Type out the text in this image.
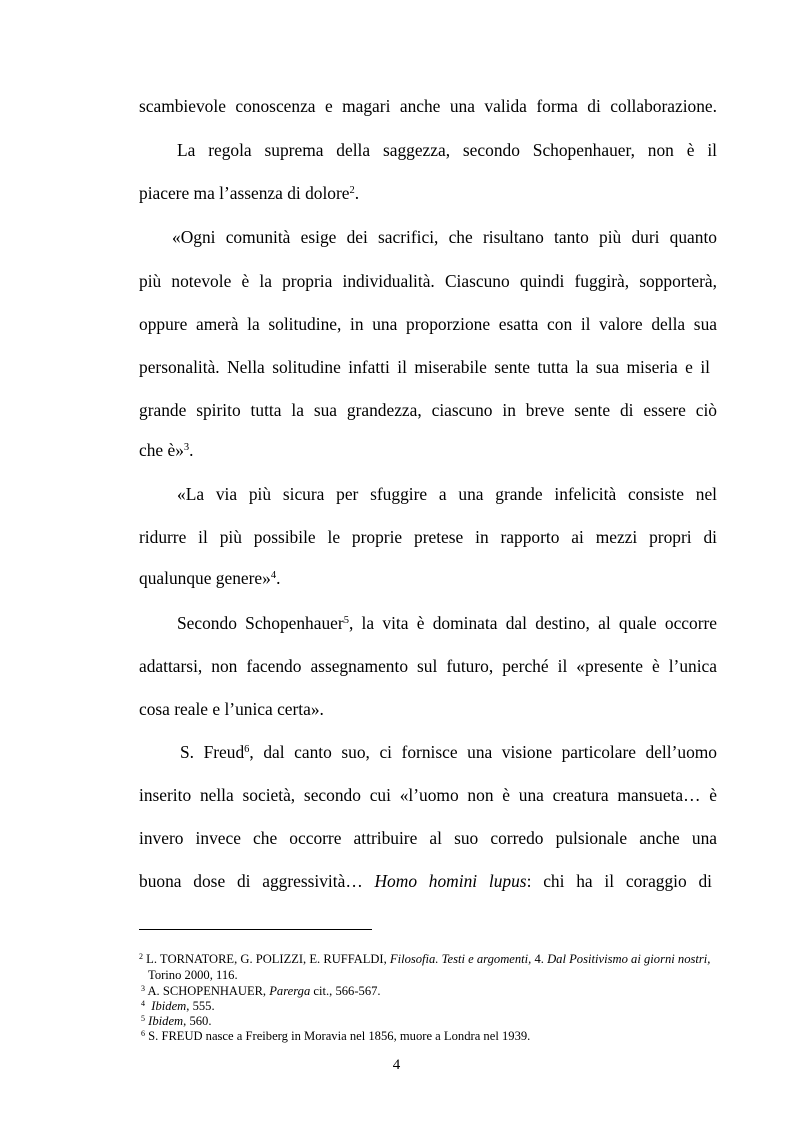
scambievole conoscenza e magari anche una valida forma di collaborazione.
La regola suprema della saggezza, secondo Schopenhauer, non è il
piacere ma l’assenza di dolore$^2$.
«Ogni comunità esige dei sacrifici, che risultano tanto più duri quanto
più notevole è la propria individualità. Ciascuno quindi fuggirà, sopporterà,
oppure amerà la solitudine, in una proporzione esatta con il valore della sua
personalità. Nella solitudine infatti il miserabile sente tutta la sua miseria e il
grande spirito tutta la sua grandezza, ciascuno in breve sente di essere ciò
che è»$^3$.
«La via più sicura per sfuggire a una grande infelicità consiste nel
ridurre il più possibile le proprie pretese in rapporto ai mezzi propri di
qualunque genere»$^4$.
Secondo Schopenhauer$^5$, la vita è dominata dal destino, al quale occorre
adattarsi, non facendo assegnamento sul futuro, perché il «presente è l’unica
cosa reale e l’unica certa».
S. Freud$^6$, dal canto suo, ci fornisce una visione particolare dell’uomo
inserito nella società, secondo cui «l’uomo non è una creatura mansueta… è
invero invece che occorre attribuire al suo corredo pulsionale anche una
buona dose di aggressività… Homo homini lupus: chi ha il coraggio di
$^2$ L. TORNATORE, G. POLIZZI, E. RUFFALDI, Filosofia. Testi e argomenti, 4. Dal Positivismo ai giorni nostri,
Torino 2000, 116.
$^3$ A. SCHOPENHAUER, Parerga cit., 566-567.
$^4$ Ibidem, 555.
$^5$ Ibidem, 560.
$^6$ S. FREUD nasce a Freiberg in Moravia nel 1856, muore a Londra nel 1939.
4
